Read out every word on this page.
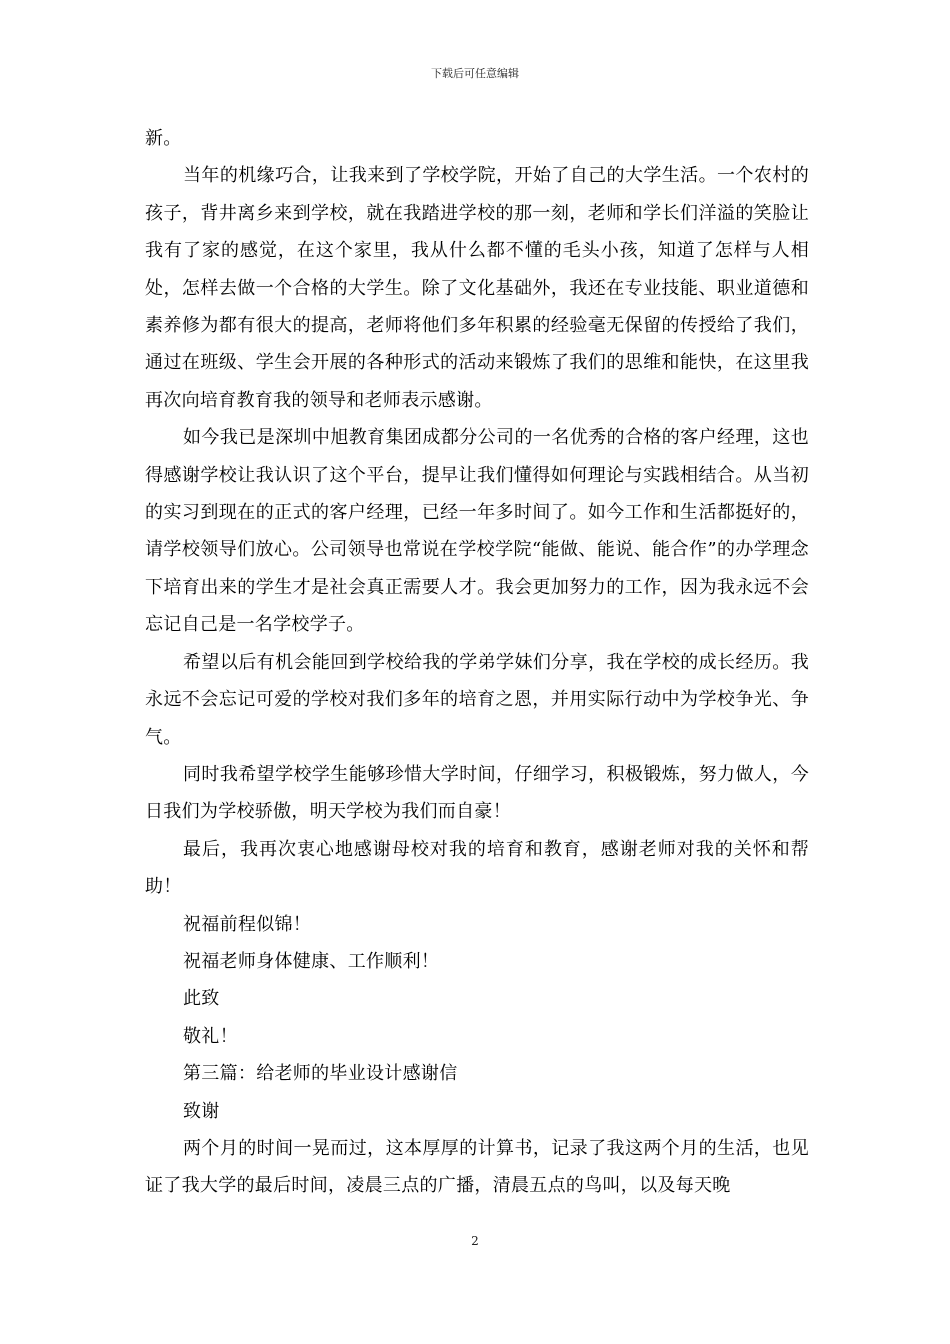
下载后可任意编辑

新。

当年的机缘巧合，让我来到了学校学院，开始了自己的大学生活。一个农村的孩子，背井离乡来到学校，就在我踏进学校的那一刻，老师和学长们洋溢的笑脸让我有了家的感觉，在这个家里，我从什么都不懂的毛头小孩，知道了怎样与人相处，怎样去做一个合格的大学生。除了文化基础外，我还在专业技能、职业道德和素养修为都有很大的提高，老师将他们多年积累的经验毫无保留的传授给了我们，通过在班级、学生会开展的各种形式的活动来锻炼了我们的思维和能快，在这里我再次向培育教育我的领导和老师表示感谢。

如今我已是深圳中旭教育集团成都分公司的一名优秀的合格的客户经理，这也得感谢学校让我认识了这个平台，提早让我们懂得如何理论与实践相结合。从当初的实习到现在的正式的客户经理，已经一年多时间了。如今工作和生活都挺好的，请学校领导们放心。公司领导也常说在学校学院“能做、能说、能合作”的办学理念下培育出来的学生才是社会真正需要人才。我会更加努力的工作，因为我永远不会忘记自己是一名学校学子。

希望以后有机会能回到学校给我的学弟学妹们分享，我在学校的成长经历。我永远不会忘记可爱的学校对我们多年的培育之恩，并用实际行动中为学校争光、争气。

同时我希望学校学生能够珍惜大学时间，仔细学习，积极锻炼，努力做人，今日我们为学校骄傲，明天学校为我们而自豪！

最后，我再次衷心地感谢母校对我的培育和教育，感谢老师对我的关怀和帮助！

祝福前程似锦！

祝福老师身体健康、工作顺利！

此致

敬礼！

第三篇：给老师的毕业设计感谢信

致谢

两个月的时间一晃而过，这本厚厚的计算书，记录了我这两个月的生活，也见证了我大学的最后时间，凌晨三点的广播，清晨五点的鸟叫，以及每天晚

2
